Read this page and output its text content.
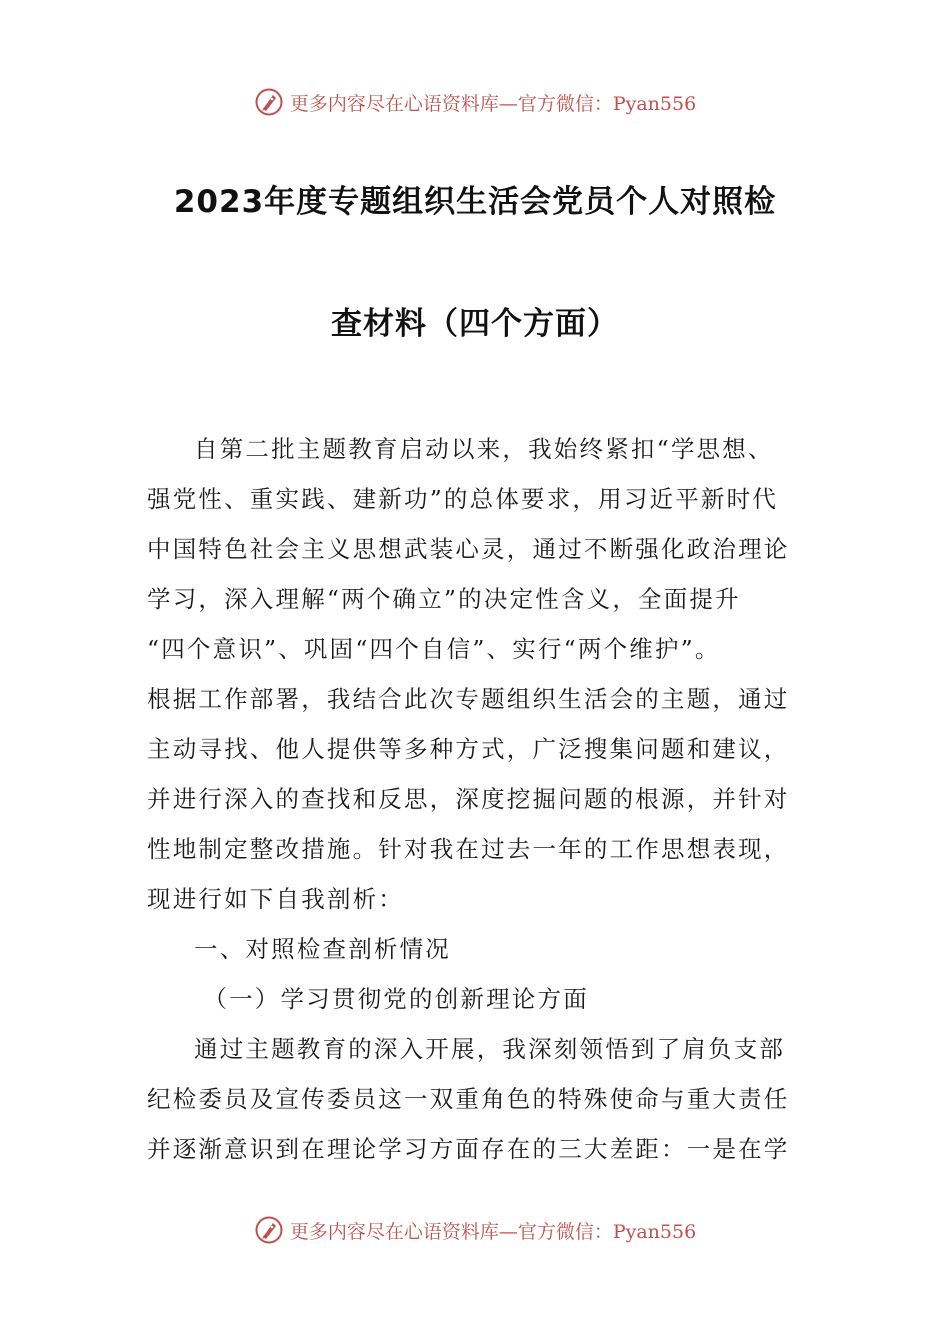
更多内容尽在心语资料库—官方微信：Pyan556
2023年度专题组织生活会党员个人对照检
查材料（四个方面）

自第二批主题教育启动以来，我始终紧扣“学思想、
强党性、重实践、建新功”的总体要求，用习近平新时代
中国特色社会主义思想武装心灵，通过不断强化政治理论
学习，深入理解“两个确立”的决定性含义，全面提升
“四个意识”、巩固“四个自信”、实行“两个维护”。
根据工作部署，我结合此次专题组织生活会的主题，通过
主动寻找、他人提供等多种方式，广泛搜集问题和建议，
并进行深入的查找和反思，深度挖掘问题的根源，并针对
性地制定整改措施。针对我在过去一年的工作思想表现，
现进行如下自我剖析：

一、对照检查剖析情况

（一）学习贯彻党的创新理论方面

通过主题教育的深入开展，我深刻领悟到了肩负支部
纪检委员及宣传委员这一双重角色的特殊使命与重大责任
并逐渐意识到在理论学习方面存在的三大差距：一是在学

更多内容尽在心语资料库—官方微信：Pyan556
